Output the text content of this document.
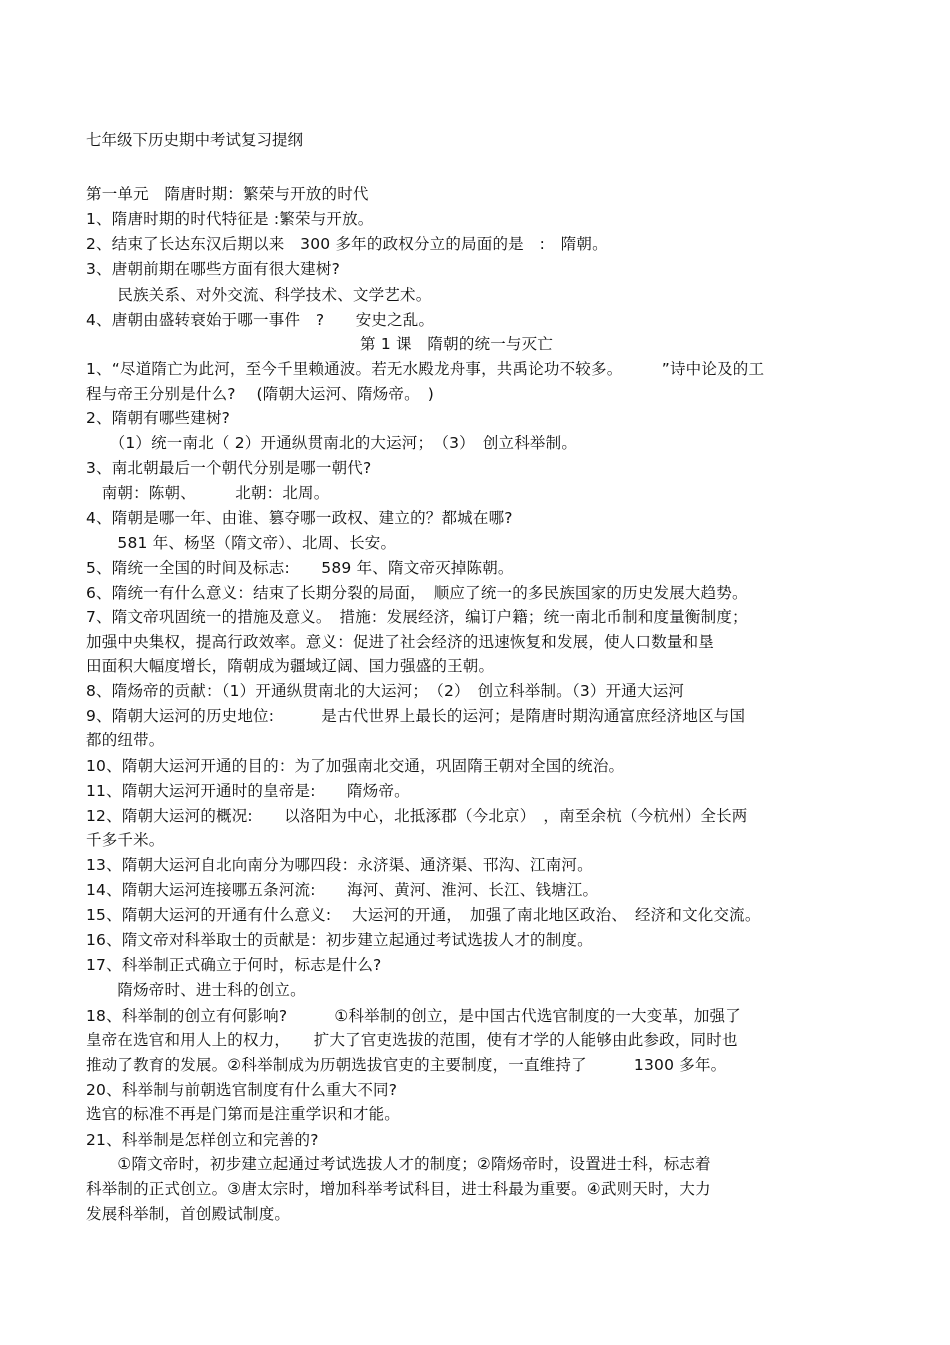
七年级下历史期中考试复习提纲
第一单元　隋唐时期：繁荣与开放的时代
1、隋唐时期的时代特征是 :繁荣与开放。
2、结束了长达东汉后期以来　300 多年的政权分立的局面的是　:　隋朝。
3、唐朝前期在哪些方面有很大建树?
　　民族关系、对外交流、科学技术、文学艺术。
4、唐朝由盛转衰始于哪一事件　?　　安史之乱。
1、“尽道隋亡为此河，至今千里赖通波。若无水殿龙舟事，共禹论功不较多。　　　”诗中论及的工
程与帝王分别是什么?　 (隋朝大运河、隋炀帝。　)
2、隋朝有哪些建树?
　　（1）统一南北（ 2）开通纵贯南北的大运河；　（3）　创立科举制。
3、南北朝最后一个朝代分别是哪一朝代?
　南朝：陈朝、　　　北朝：北周。
4、隋朝是哪一年、由谁、篡夺哪一政权、建立的？都城在哪?
　　581 年、杨坚（隋文帝）、北周、长安。
5、隋统一全国的时间及标志:　　589 年、隋文帝灭掉陈朝。
6、隋统一有什么意义：结束了长期分裂的局面，　顺应了统一的多民族国家的历史发展大趋势。
7、隋文帝巩固统一的措施及意义。　措施：发展经济，编订户籍；统一南北币制和度量衡制度；
加强中央集权，提高行政效率。意义：促进了社会经济的迅速恢复和发展，使人口数量和垦
田面积大幅度增长，隋朝成为疆域辽阔、国力强盛的王朝。
8、隋炀帝的贡献：（1）开通纵贯南北的大运河；　（2）　创立科举制。（3）开通大运河
9、隋朝大运河的历史地位:　　　是古代世界上最长的运河；是隋唐时期沟通富庶经济地区与国
都的纽带。
10、隋朝大运河开通的目的：为了加强南北交通，巩固隋王朝对全国的统治。
11、隋朝大运河开通时的皇帝是:　　隋炀帝。
12、隋朝大运河的概况:　　以洛阳为中心，北抵涿郡（今北京）　，南至余杭（今杭州）全长两
千多千米。
13、隋朝大运河自北向南分为哪四段：永济渠、通济渠、邗沟、江南河。
14、隋朝大运河连接哪五条河流:　　海河、黄河、淮河、长江、钱塘江。
15、隋朝大运河的开通有什么意义:　 大运河的开通，　加强了南北地区政治、　经济和文化交流。
16、隋文帝对科举取士的贡献是：初步建立起通过考试选拔人才的制度。
17、科举制正式确立于何时，标志是什么?
　　隋炀帝时、进士科的创立。
18、科举制的创立有何影响?　　　①科举制的创立，是中国古代选官制度的一大变革，加强了
皇帝在选官和用人上的权力，　　扩大了官吏选拔的范围，使有才学的人能够由此参政，同时也
推动了教育的发展。②科举制成为历朝选拔官吏的主要制度，一直维持了　　　1300 多年。
20、科举制与前朝选官制度有什么重大不同?
选官的标准不再是门第而是注重学识和才能。
21、科举制是怎样创立和完善的?
　　①隋文帝时，初步建立起通过考试选拔人才的制度；②隋炀帝时，设置进士科，标志着
科举制的正式创立。③唐太宗时，增加科举考试科目，进士科最为重要。④武则天时，大力
发展科举制，首创殿试制度。
第 1 课　隋朝的统一与灭亡
